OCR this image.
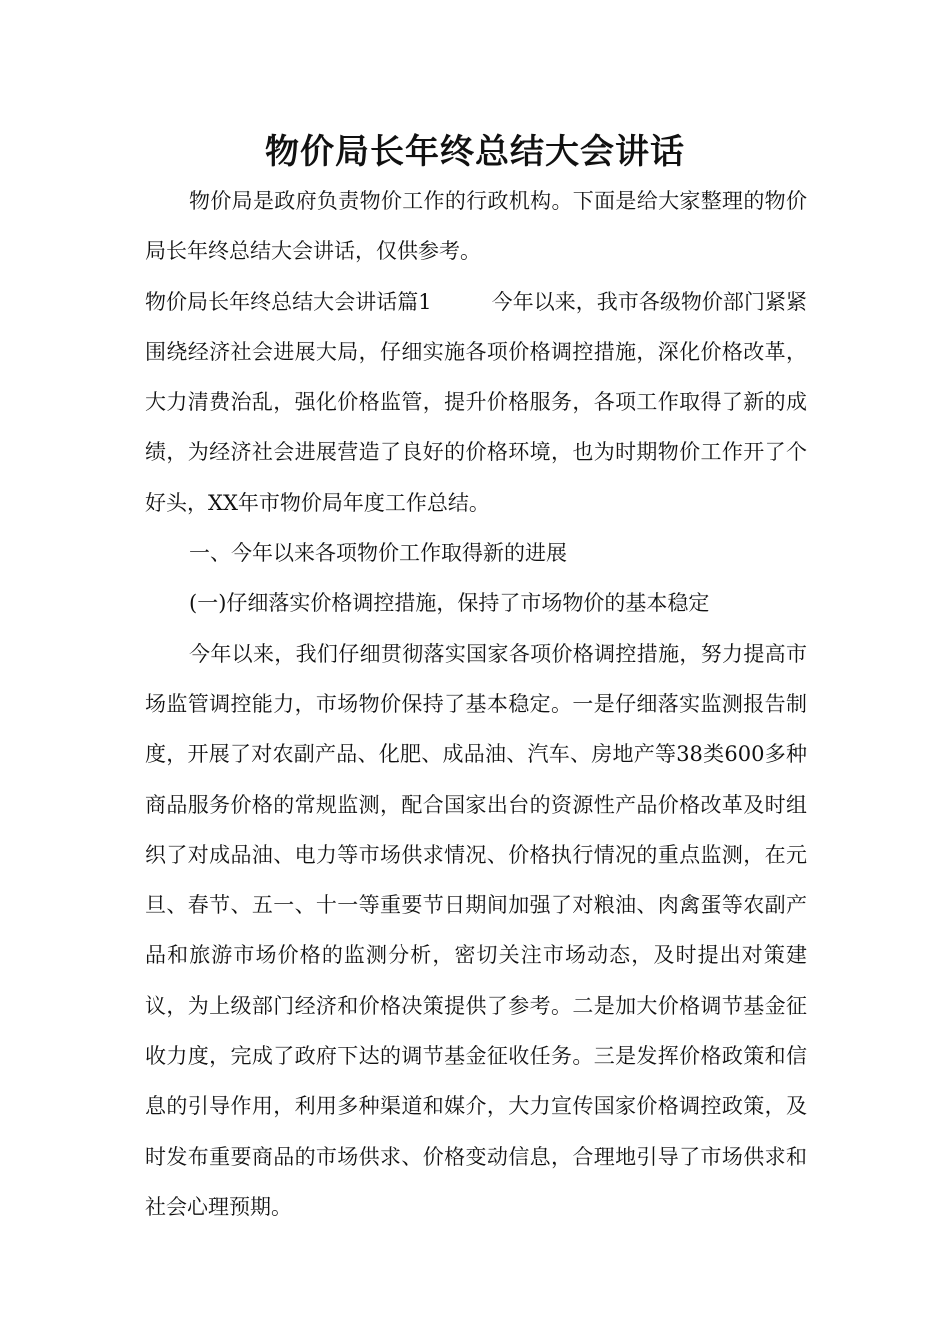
物价局长年终总结大会讲话

物价局是政府负责物价工作的行政机构。下面是给大家整理的物价局长年终总结大会讲话，仅供参考。

物价局长年终总结大会讲话篇1	今年以来，我市各级物价部门紧紧围绕经济社会进展大局，仔细实施各项价格调控措施，深化价格改革，大力清费治乱，强化价格监管，提升价格服务，各项工作取得了新的成绩，为经济社会进展营造了良好的价格环境，也为时期物价工作开了个好头，XX年市物价局年度工作总结。

一、今年以来各项物价工作取得新的进展

(一)仔细落实价格调控措施，保持了市场物价的基本稳定

今年以来，我们仔细贯彻落实国家各项价格调控措施，努力提高市场监管调控能力，市场物价保持了基本稳定。一是仔细落实监测报告制度，开展了对农副产品、化肥、成品油、汽车、房地产等38类600多种商品服务价格的常规监测，配合国家出台的资源性产品价格改革及时组织了对成品油、电力等市场供求情况、价格执行情况的重点监测，在元旦、春节、五一、十一等重要节日期间加强了对粮油、肉禽蛋等农副产品和旅游市场价格的监测分析，密切关注市场动态，及时提出对策建议，为上级部门经济和价格决策提供了参考。二是加大价格调节基金征收力度，完成了政府下达的调节基金征收任务。三是发挥价格政策和信息的引导作用，利用多种渠道和媒介，大力宣传国家价格调控政策，及时发布重要商品的市场供求、价格变动信息，合理地引导了市场供求和社会心理预期。
